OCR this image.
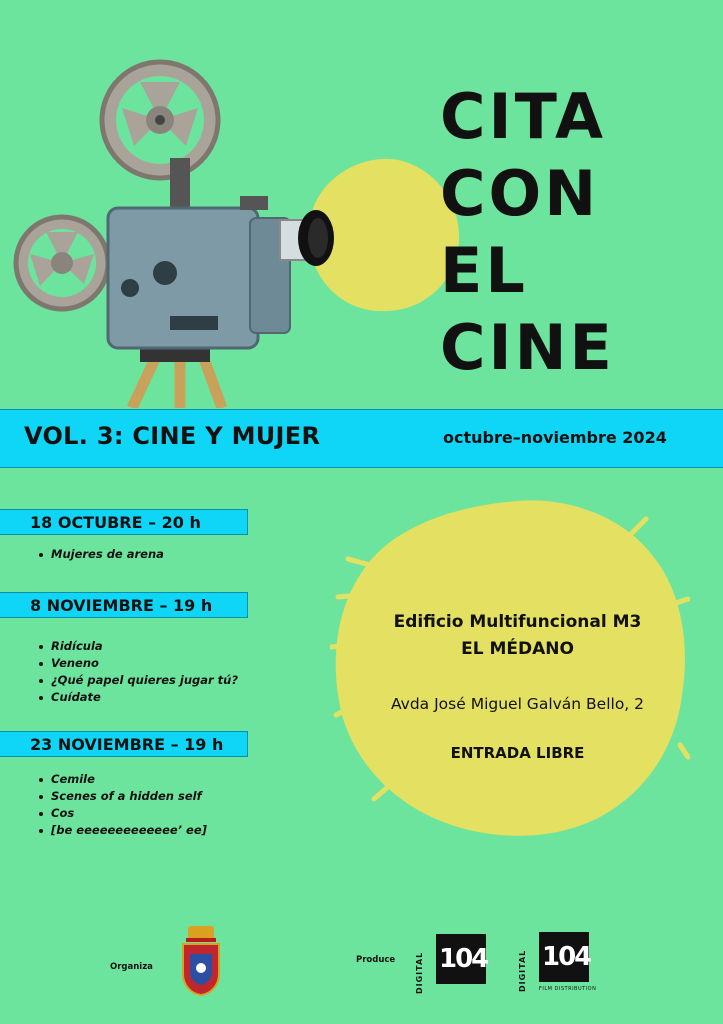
CITA
CON
EL
CINE
VOL. 3: CINE Y MUJER	octubre–noviembre 2024
18 OCTUBRE – 20 h
Mujeres de arena
8 NOVIEMBRE – 19 h
Ridícula
Veneno
¿Qué papel quieres jugar tú?
Cuídate
23 NOVIEMBRE – 19 h
Cemile
Scenes of a hidden self
Cos
[be eeeeeeeeeeeee’ ee]
Edificio Multifuncional M3
EL MÉDANO
Avda José Miguel Galván Bello, 2
ENTRADA LIBRE
Organiza
Produce DIGITAL 104	DIGITAL 104
FILM DISTRIBUTION
